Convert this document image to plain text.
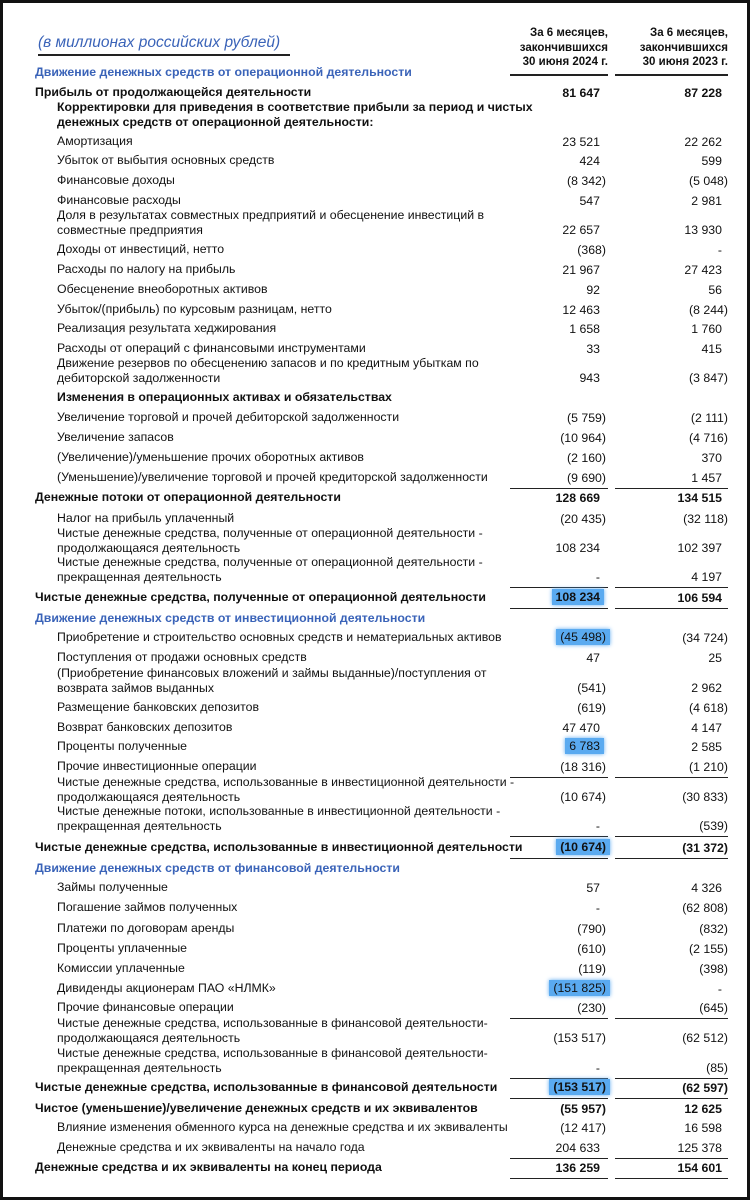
(в миллионах российских рублей)
За 6 месяцев,
закончившихся
30 июня 2024 г.
За 6 месяцев,
закончившихся
30 июня 2023 г.
Движение денежных средств от операционной деятельности
Прибыль от продолжающейся деятельности	81 647	87 228
Корректировки для приведения в соответствие прибыли за период и чистых
денежных средств от операционной деятельности:
Амортизация	23 521	22 262
Убыток от выбытия основных средств	424	599
Финансовые доходы	(8 342)	(5 048)
Финансовые расходы	547	2 981
Доля в результатах совместных предприятий и обесценение инвестиций в
совместные предприятия	22 657	13 930
Доходы от инвестиций, нетто	(368)	-
Расходы по налогу на прибыль	21 967	27 423
Обесценение внеоборотных активов	92	56
Убыток/(прибыль) по курсовым разницам, нетто	12 463	(8 244)
Реализация результата хеджирования	1 658	1 760
Расходы от операций с финансовыми инструментами	33	415
Движение резервов по обесценению запасов и по кредитным убыткам по
дебиторской задолженности	943	(3 847)
Изменения в операционных активах и обязательствах
Увеличение торговой и прочей дебиторской задолженности	(5 759)	(2 111)
Увеличение запасов	(10 964)	(4 716)
(Увеличение)/уменьшение прочих оборотных активов	(2 160)	370
(Уменьшение)/увеличение торговой и прочей кредиторской задолженности	(9 690)	1 457
Денежные потоки от операционной деятельности	128 669	134 515
Налог на прибыль уплаченный	(20 435)	(32 118)
Чистые денежные средства, полученные от операционной деятельности -
продолжающаяся деятельность	108 234	102 397
Чистые денежные средства, полученные от операционной деятельности -
прекращенная деятельность	-	4 197
Чистые денежные средства, полученные от операционной деятельности	108 234	106 594
Движение денежных средств от инвестиционной деятельности
Приобретение и строительство основных средств и нематериальных активов	(45 498)	(34 724)
Поступления от продажи основных средств	47	25
(Приобретение финансовых вложений и займы выданные)/поступления от
возврата займов выданных	(541)	2 962
Размещение банковских депозитов	(619)	(4 618)
Возврат банковских депозитов	47 470	4 147
Проценты полученные	6 783	2 585
Прочие инвестиционные операции	(18 316)	(1 210)
Чистые денежные средства, использованные в инвестиционной деятельности -
продолжающаяся деятельность	(10 674)	(30 833)
Чистые денежные потоки, использованные в инвестиционной деятельности -
прекращенная деятельность	-	(539)
Чистые денежные средства, использованные в инвестиционной деятельности	(10 674)	(31 372)
Движение денежных средств от финансовой деятельности
Займы полученные	57	4 326
Погашение займов полученных	-	(62 808)
Платежи по договорам аренды	(790)	(832)
Проценты уплаченные	(610)	(2 155)
Комиссии уплаченные	(119)	(398)
Дивиденды акционерам ПАО «НЛМК»	(151 825)	-
Прочие финансовые операции	(230)	(645)
Чистые денежные средства, использованные в финансовой деятельности-
продолжающаяся деятельность	(153 517)	(62 512)
Чистые денежные средства, использованные в финансовой деятельности-
прекращенная деятельность	-	(85)
Чистые денежные средства, использованные в финансовой деятельности	(153 517)	(62 597)
Чистое (уменьшение)/увеличение денежных средств и их эквивалентов	(55 957)	12 625
Влияние изменения обменного курса на денежные средства и их эквиваленты	(12 417)	16 598
Денежные средства и их эквиваленты на начало года	204 633	125 378
Денежные средства и их эквиваленты на конец периода	136 259	154 601
